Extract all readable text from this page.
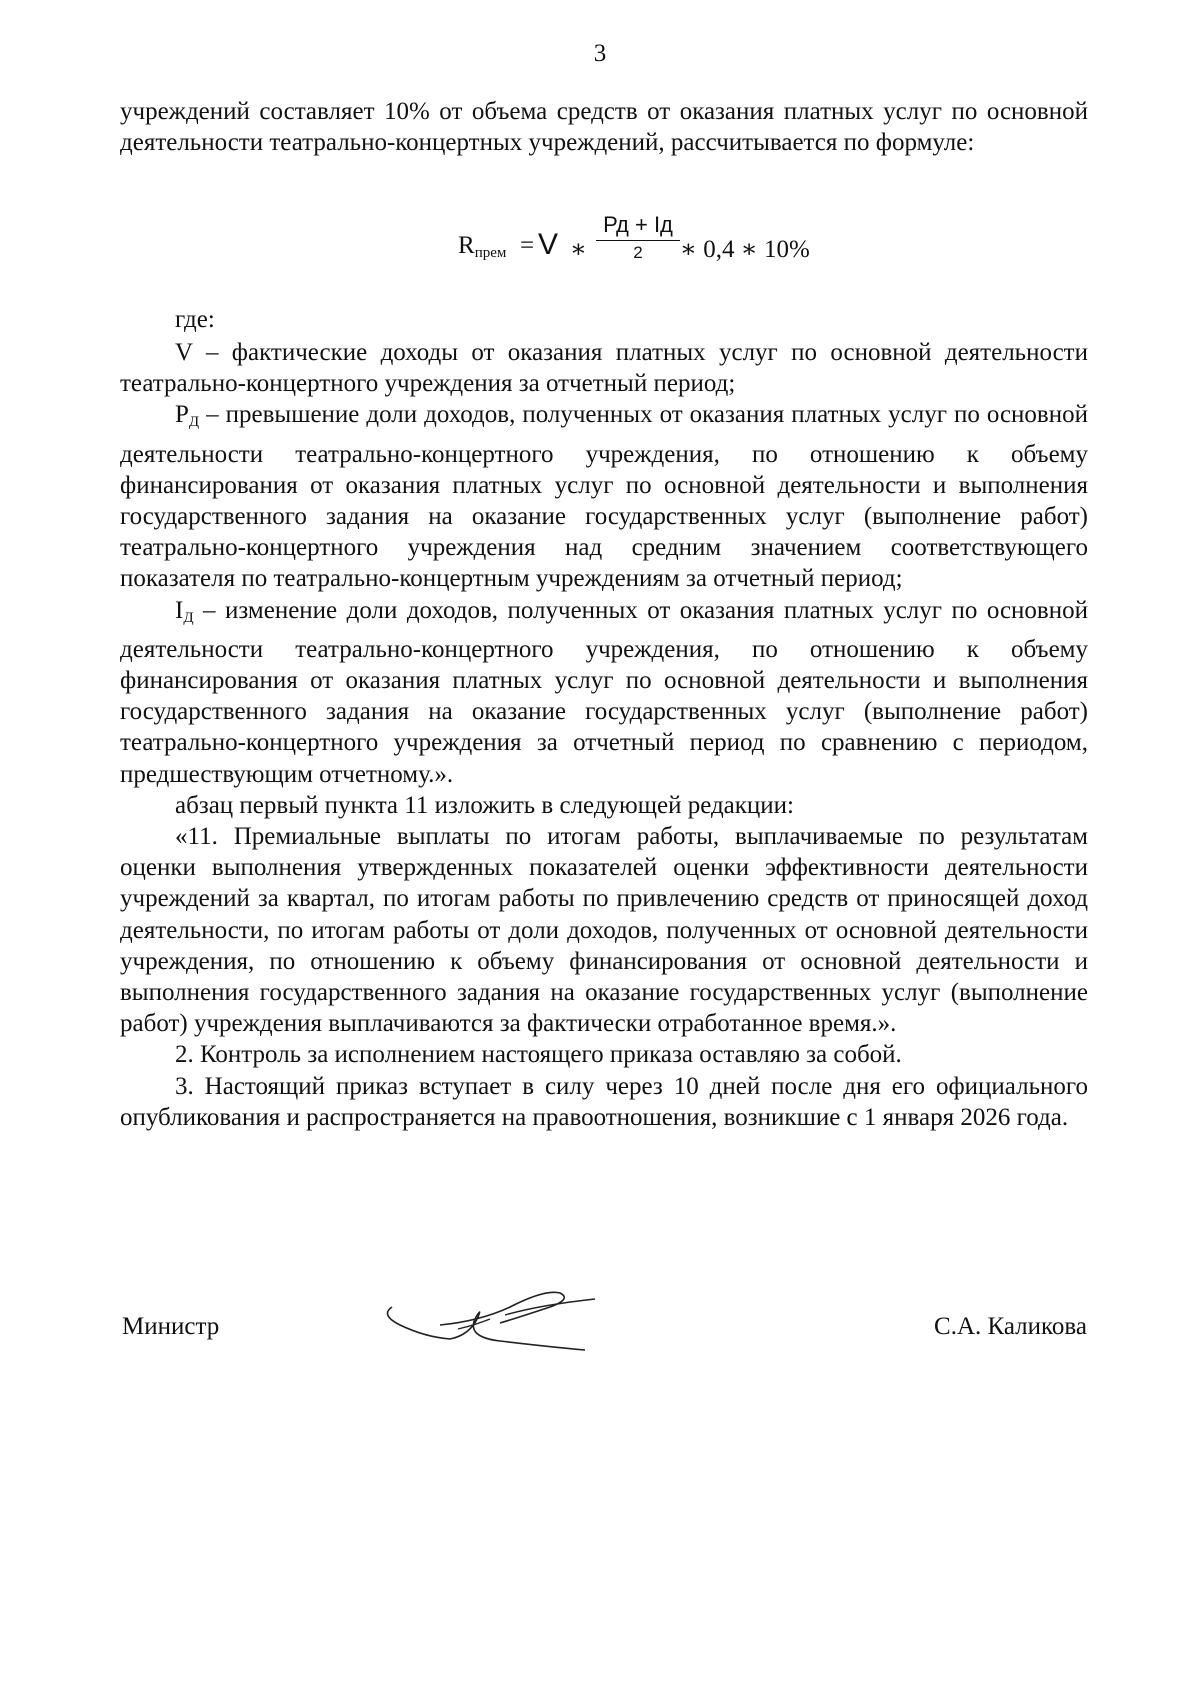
3

учреждений составляет 10% от объема средств от оказания платных услуг по основной деятельности театрально-концертных учреждений, рассчитывается по формуле:

$R_{прем} = V$ ∗
Рд + Iд
2	∗ 0,4 ∗ 10%
где:

V – фактические доходы от оказания платных услуг по основной деятельности театрально-концертного учреждения за отчетный период;

$Р_Д$ – превышение доли доходов, полученных от оказания платных услуг по основной деятельности театрально-концертного учреждения, по отношению к объему финансирования от оказания платных услуг по основной деятельности и выполнения государственного задания на оказание государственных услуг (выполнение работ) театрально-концертного учреждения над средним значением соответствующего показателя по театрально-концертным учреждениям за отчетный период;

$I_Д$ – изменение доли доходов, полученных от оказания платных услуг по основной деятельности театрально-концертного учреждения, по отношению к объему финансирования от оказания платных услуг по основной деятельности и выполнения государственного задания на оказание государственных услуг (выполнение работ) театрально-концертного учреждения за отчетный период по сравнению с периодом, предшествующим отчетному.».

абзац первый пункта 11 изложить в следующей редакции:

«11. Премиальные выплаты по итогам работы, выплачиваемые по результатам оценки выполнения утвержденных показателей оценки эффективности деятельности учреждений за квартал, по итогам работы по привлечению средств от приносящей доход деятельности, по итогам работы от доли доходов, полученных от основной деятельности учреждения, по отношению к объему финансирования от основной деятельности и выполнения государственного задания на оказание государственных услуг (выполнение работ) учреждения выплачиваются за фактически отработанное время.».

2. Контроль за исполнением настоящего приказа оставляю за собой.

3. Настоящий приказ вступает в силу через 10 дней после дня его официального опубликования и распространяется на правоотношения, возникшие с 1 января 2026 года.

Министр	С.А. Каликова
